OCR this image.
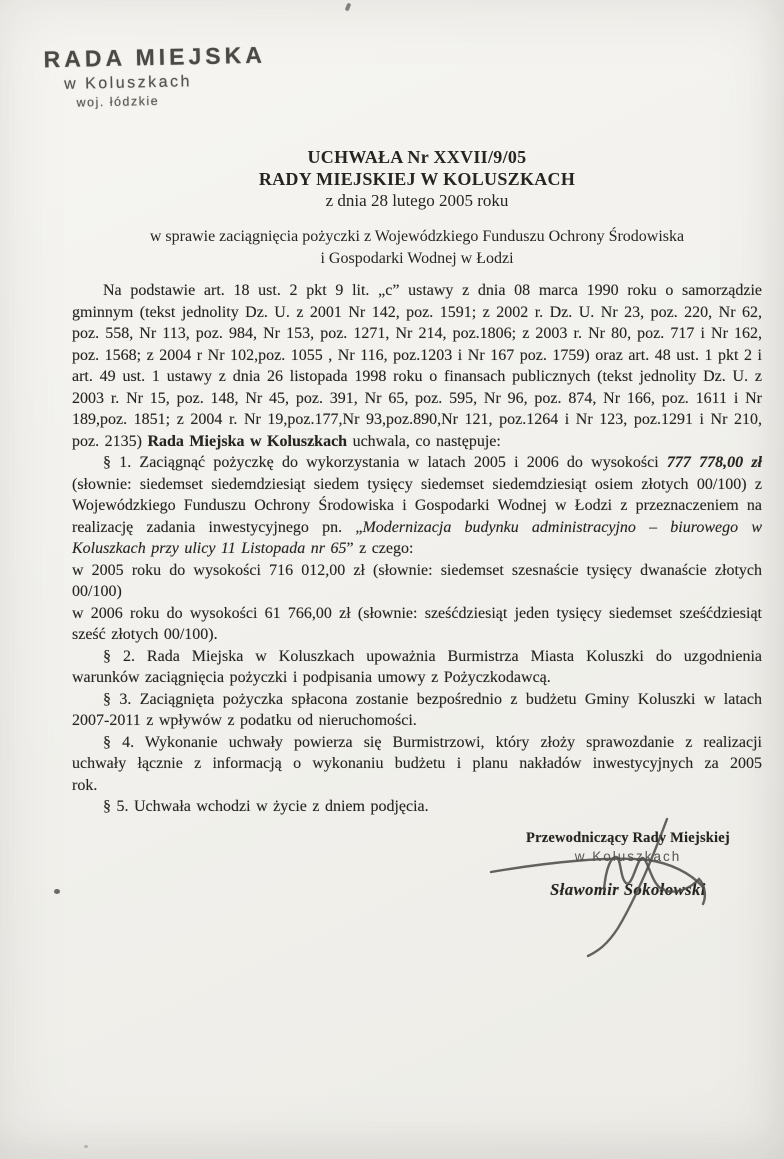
RADA MIEJSKA
w Koluszkach
woj. łódzkie
UCHWAŁA Nr XXVII/9/05
RADY MIEJSKIEJ W KOLUSZKACH
z dnia 28 lutego 2005 roku
w sprawie zaciągnięcia pożyczki z Wojewódzkiego Funduszu Ochrony Środowiska
i Gospodarki Wodnej w Łodzi

Na podstawie art. 18 ust. 2 pkt 9 lit. „c” ustawy z dnia 08 marca 1990 roku o samorządzie gminnym (tekst jednolity Dz. U. z 2001 Nr 142, poz. 1591; z 2002 r. Dz. U. Nr 23, poz. 220, Nr 62, poz. 558, Nr 113, poz. 984, Nr 153, poz. 1271, Nr 214, poz.1806; z 2003 r. Nr 80, poz. 717 i Nr 162, poz. 1568; z 2004 r Nr 102,poz. 1055 , Nr 116, poz.1203 i Nr 167 poz. 1759) oraz art. 48 ust. 1 pkt 2 i art. 49 ust. 1 ustawy z dnia 26 listopada 1998 roku o finansach publicznych (tekst jednolity Dz. U. z 2003 r. Nr 15, poz. 148, Nr 45, poz. 391, Nr 65, poz. 595, Nr 96, poz. 874, Nr 166, poz. 1611 i Nr 189,poz. 1851; z 2004 r. Nr 19,poz.177,Nr 93,poz.890,Nr 121, poz.1264 i Nr 123, poz.1291 i Nr 210, poz. 2135) Rada Miejska w Koluszkach uchwala, co następuje:

§ 1. Zaciągnąć pożyczkę do wykorzystania w latach 2005 i 2006 do wysokości 777 778,00 zł (słownie: siedemset siedemdziesiąt siedem tysięcy siedemset siedemdziesiąt osiem złotych 00/100) z Wojewódzkiego Funduszu Ochrony Środowiska i Gospodarki Wodnej w Łodzi z przeznaczeniem na realizację zadania inwestycyjnego pn. „Modernizacja budynku administracyjno – biurowego w Koluszkach przy ulicy 11 Listopada nr 65” z czego:

w 2005 roku do wysokości 716 012,00 zł (słownie: siedemset szesnaście tysięcy dwanaście złotych 00/100)

w 2006 roku do wysokości 61 766,00 zł (słownie: sześćdziesiąt jeden tysięcy siedemset sześćdziesiąt sześć złotych 00/100).

§ 2. Rada Miejska w Koluszkach upoważnia Burmistrza Miasta Koluszki do uzgodnienia warunków zaciągnięcia pożyczki i podpisania umowy z Pożyczkodawcą.

§ 3. Zaciągnięta pożyczka spłacona zostanie bezpośrednio z budżetu Gminy Koluszki w latach 2007-2011 z wpływów z podatku od nieruchomości.

§ 4. Wykonanie uchwały powierza się Burmistrzowi, który złoży sprawozdanie z realizacji uchwały łącznie z informacją o wykonaniu budżetu i planu nakładów inwestycyjnych za 2005 rok.

§ 5. Uchwała wchodzi w życie z dniem podjęcia.

Przewodniczący Rady Miejskiej
w Koluszkach
Sławomir Sokołowski
